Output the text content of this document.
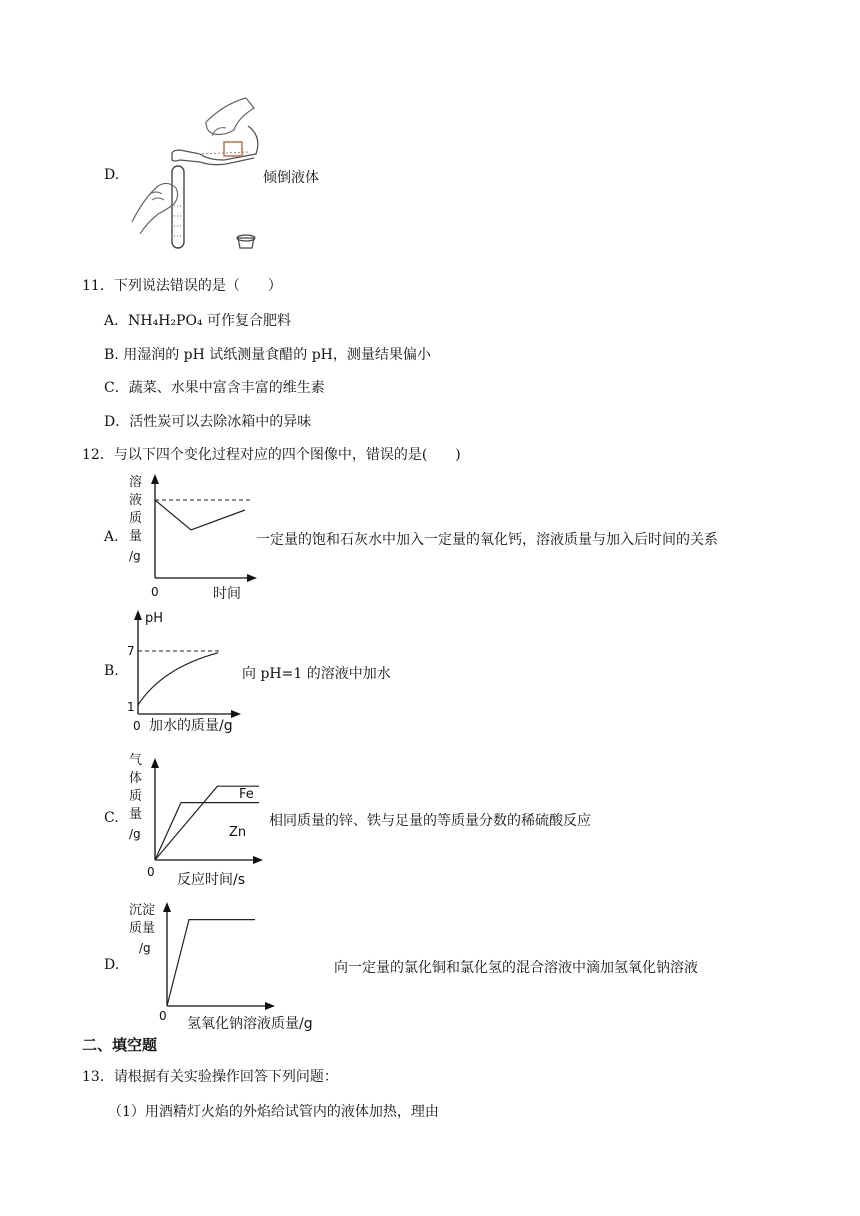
D.	倾倒液体
11．下列说法错误的是（　　）
A．NH₄H₂PO₄ 可作复合肥料
B. 用湿润的 pH 试纸测量食醋的 pH，测量结果偏小
C．蔬菜、水果中富含丰富的维生素
D．活性炭可以去除冰箱中的异味
12．与以下四个变化过程对应的四个图像中，错误的是(　　)
A.
溶
液
质
量
/g
0	时间
一定量的饱和石灰水中加入一定量的氧化钙，溶液质量与加入后时间的关系
B.
pH
7
1
0 加水的质量/g
向 pH=1 的溶液中加水
C.
气
体
质
量
/g
Fe
Zn
0 反应时间/s
相同质量的锌、铁与足量的等质量分数的稀硫酸反应
D.
沉淀
质量
/g
0 氢氧化钠溶液质量/g
向一定量的氯化铜和氯化氢的混合溶液中滴加氢氧化钠溶液
二、填空题
13．请根据有关实验操作回答下列问题：
（1）用酒精灯火焰的外焰给试管内的液体加热，理由
